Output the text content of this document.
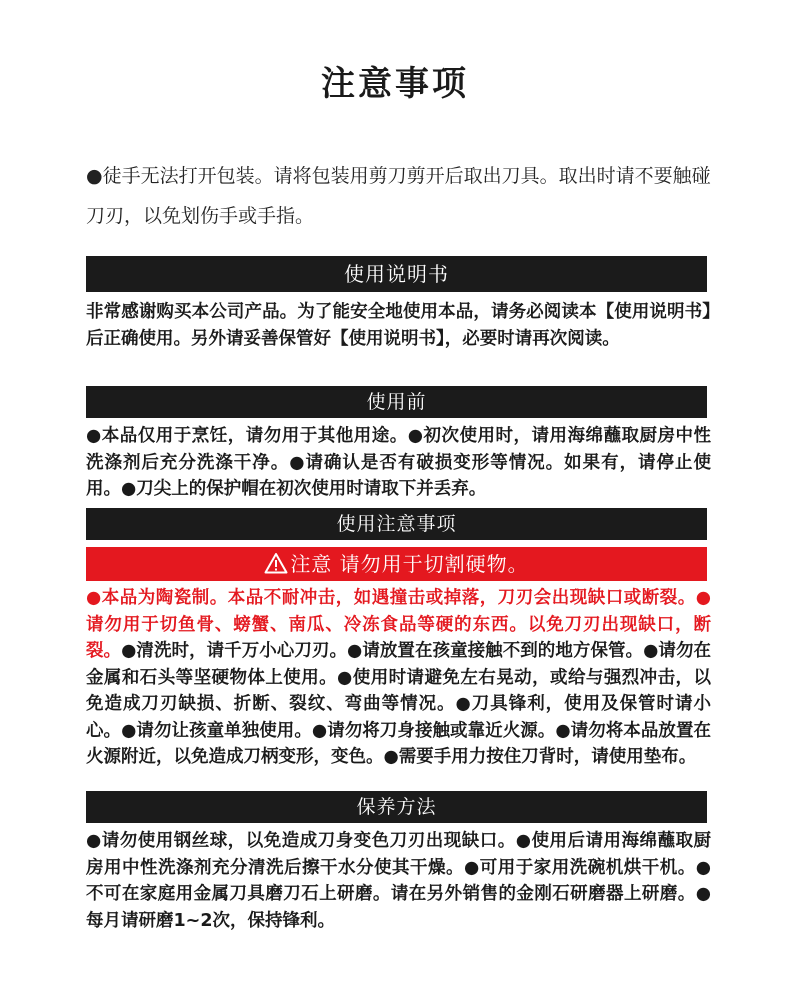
注意事项
●徒手无法打开包装。请将包装用剪刀剪开后取出刀具。取出时请不要触碰刀刃，以免划伤手或手指。
使用说明书
非常感谢购买本公司产品。为了能安全地使用本品，请务必阅读本【使用说明书】后正确使用。另外请妥善保管好【使用说明书】，必要时请再次阅读。
使用前
●本品仅用于烹饪，请勿用于其他用途。●初次使用时，请用海绵蘸取厨房中性洗涤剂后充分洗涤干净。●请确认是否有破损变形等情况。如果有，请停止使用。●刀尖上的保护帽在初次使用时请取下并丢弃。
使用注意事项
注意 请勿用于切割硬物。
●本品为陶瓷制。本品不耐冲击，如遇撞击或掉落，刀刃会出现缺口或断裂。●请勿用于切鱼骨、螃蟹、南瓜、冷冻食品等硬的东西。以免刀刃出现缺口，断裂。●清洗时，请千万小心刀刃。●请放置在孩童接触不到的地方保管。●请勿在金属和石头等坚硬物体上使用。●使用时请避免左右晃动，或给与强烈冲击，以免造成刀刃缺损、折断、裂纹、弯曲等情况。●刀具锋利，使用及保管时请小心。●请勿让孩童单独使用。●请勿将刀身接触或靠近火源。●请勿将本品放置在火源附近，以免造成刀柄变形，变色。●需要手用力按住刀背时，请使用垫布。
保养方法
●请勿使用钢丝球，以免造成刀身变色刀刃出现缺口。●使用后请用海绵蘸取厨房用中性洗涤剂充分清洗后擦干水分使其干燥。●可用于家用洗碗机烘干机。●不可在家庭用金属刀具磨刀石上研磨。请在另外销售的金刚石研磨器上研磨。●每月请研磨1~2次，保持锋利。
